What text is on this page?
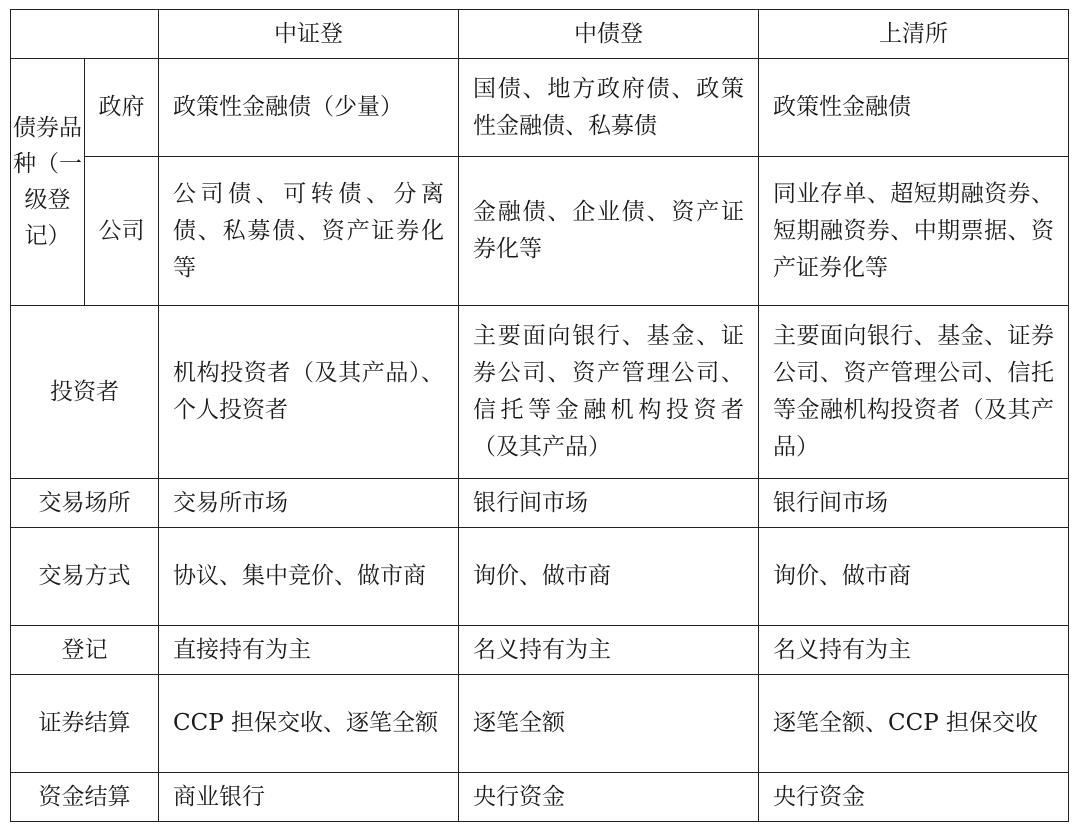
		中证登	中债登	上清所
债券品种（一级登记）	政府	政策性金融债（少量）	国债、地方政府债、政策性金融债、私募债	政策性金融债
	公司	公司债、可转债、分离债、私募债、资产证券化等	金融债、企业债、资产证券化等	同业存单、超短期融资券、短期融资券、中期票据、资产证券化等
投资者		机构投资者（及其产品）、个人投资者	主要面向银行、基金、证券公司、资产管理公司、信托等金融机构投资者（及其产品）	主要面向银行、基金、证券公司、资产管理公司、信托等金融机构投资者（及其产品）
交易场所		交易所市场	银行间市场	银行间市场
交易方式		协议、集中竞价、做市商	询价、做市商	询价、做市商
登记		直接持有为主	名义持有为主	名义持有为主
证券结算		CCP 担保交收、逐笔全额	逐笔全额	逐笔全额、CCP 担保交收
资金结算		商业银行	央行资金	央行资金
